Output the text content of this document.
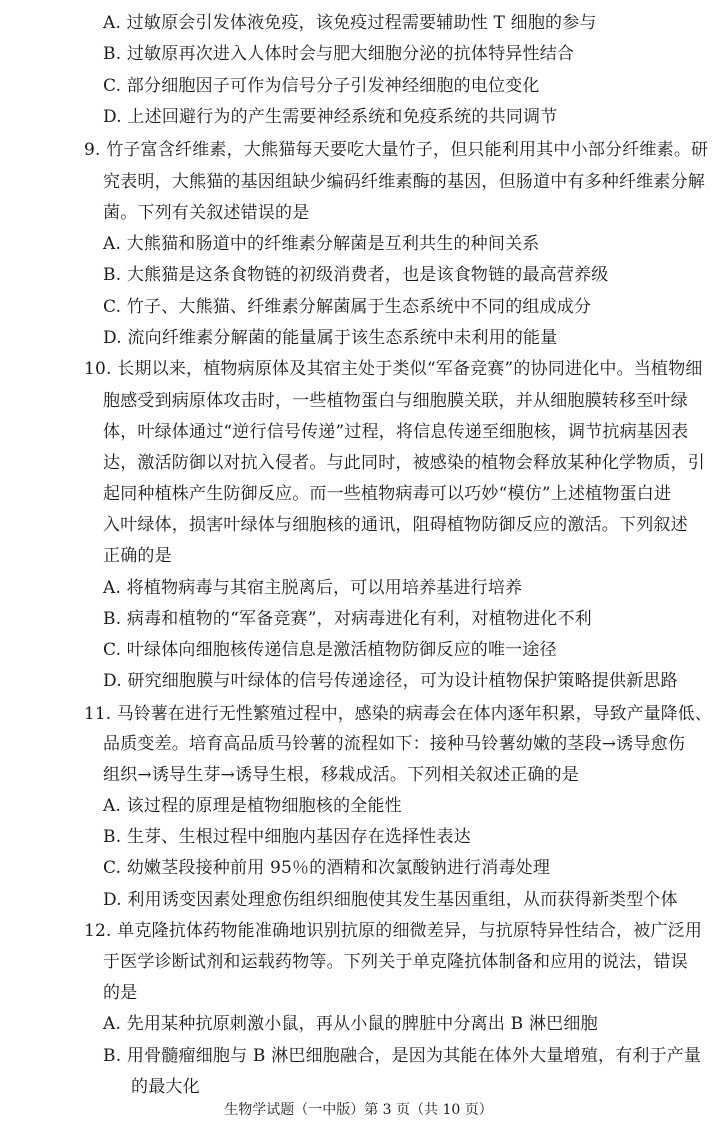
A. 过敏原会引发体液免疫，该免疫过程需要辅助性 T 细胞的参与
B. 过敏原再次进入人体时会与肥大细胞分泌的抗体特异性结合
C. 部分细胞因子可作为信号分子引发神经细胞的电位变化
D. 上述回避行为的产生需要神经系统和免疫系统的共同调节
9. 竹子富含纤维素，大熊猫每天要吃大量竹子，但只能利用其中小部分纤维素。研
究表明，大熊猫的基因组缺少编码纤维素酶的基因，但肠道中有多种纤维素分解
菌。下列有关叙述错误的是
A. 大熊猫和肠道中的纤维素分解菌是互利共生的种间关系
B. 大熊猫是这条食物链的初级消费者，也是该食物链的最高营养级
C. 竹子、大熊猫、纤维素分解菌属于生态系统中不同的组成成分
D. 流向纤维素分解菌的能量属于该生态系统中未利用的能量
10. 长期以来，植物病原体及其宿主处于类似“军备竞赛”的协同进化中。当植物细
胞感受到病原体攻击时，一些植物蛋白与细胞膜关联，并从细胞膜转移至叶绿
体，叶绿体通过“逆行信号传递”过程，将信息传递至细胞核，调节抗病基因表
达，激活防御以对抗入侵者。与此同时，被感染的植物会释放某种化学物质，引
起同种植株产生防御反应。而一些植物病毒可以巧妙“模仿”上述植物蛋白进
入叶绿体，损害叶绿体与细胞核的通讯，阻碍植物防御反应的激活。下列叙述
正确的是
A. 将植物病毒与其宿主脱离后，可以用培养基进行培养
B. 病毒和植物的“军备竞赛”，对病毒进化有利，对植物进化不利
C. 叶绿体向细胞核传递信息是激活植物防御反应的唯一途径
D. 研究细胞膜与叶绿体的信号传递途径，可为设计植物保护策略提供新思路
11. 马铃薯在进行无性繁殖过程中，感染的病毒会在体内逐年积累，导致产量降低、
品质变差。培育高品质马铃薯的流程如下：接种马铃薯幼嫩的茎段→诱导愈伤
组织→诱导生芽→诱导生根，移栽成活。下列相关叙述正确的是
A. 该过程的原理是植物细胞核的全能性
B. 生芽、生根过程中细胞内基因存在选择性表达
C. 幼嫩茎段接种前用 95％的酒精和次氯酸钠进行消毒处理
D. 利用诱变因素处理愈伤组织细胞使其发生基因重组，从而获得新类型个体
12. 单克隆抗体药物能准确地识别抗原的细微差异，与抗原特异性结合，被广泛用
于医学诊断试剂和运载药物等。下列关于单克隆抗体制备和应用的说法，错误
的是
A. 先用某种抗原刺激小鼠，再从小鼠的脾脏中分离出 B 淋巴细胞
B. 用骨髓瘤细胞与 B 淋巴细胞融合，是因为其能在体外大量增殖，有利于产量
的最大化
生物学试题（一中版）第 3 页（共 10 页）
